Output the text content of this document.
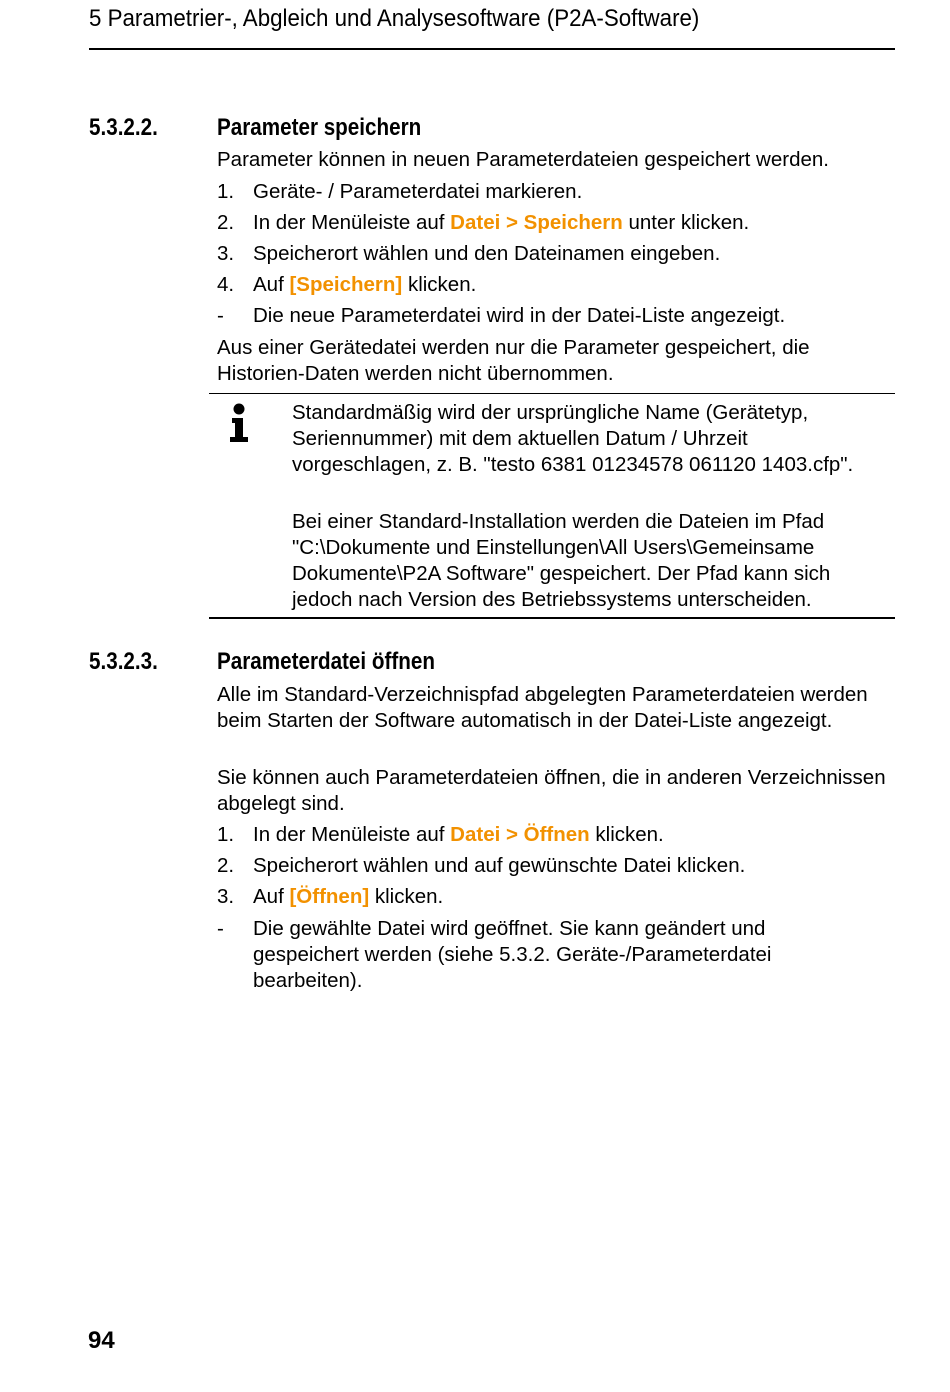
5 Parametrier-, Abgleich und Analysesoftware (P2A-Software)
5.3.2.2. Parameter speichern
Parameter können in neuen Parameterdateien gespeichert werden.
1. Geräte- / Parameterdatei markieren.
2. In der Menüleiste auf Datei > Speichern unter klicken.
3. Speicherort wählen und den Dateinamen eingeben.
4. Auf [Speichern] klicken.
- Die neue Parameterdatei wird in der Datei-Liste angezeigt.
Aus einer Gerätedatei werden nur die Parameter gespeichert, die Historien-Daten werden nicht übernommen.
Standardmäßig wird der ursprüngliche Name (Gerätetyp, Seriennummer) mit dem aktuellen Datum / Uhrzeit vorgeschlagen, z. B. "testo 6381 01234578 061120 1403.cfp".
Bei einer Standard-Installation werden die Dateien im Pfad "C:\Dokumente und Einstellungen\All Users\Gemeinsame Dokumente\P2A Software" gespeichert. Der Pfad kann sich jedoch nach Version des Betriebssystems unterscheiden.
5.3.2.3. Parameterdatei öffnen
Alle im Standard-Verzeichnispfad abgelegten Parameterdateien werden beim Starten der Software automatisch in der Datei-Liste angezeigt.
Sie können auch Parameterdateien öffnen, die in anderen Verzeichnissen abgelegt sind.
1. In der Menüleiste auf Datei > Öffnen klicken.
2. Speicherort wählen und auf gewünschte Datei klicken.
3. Auf [Öffnen] klicken.
- Die gewählte Datei wird geöffnet. Sie kann geändert und gespeichert werden (siehe 5.3.2. Geräte-/Parameterdatei bearbeiten).
94
